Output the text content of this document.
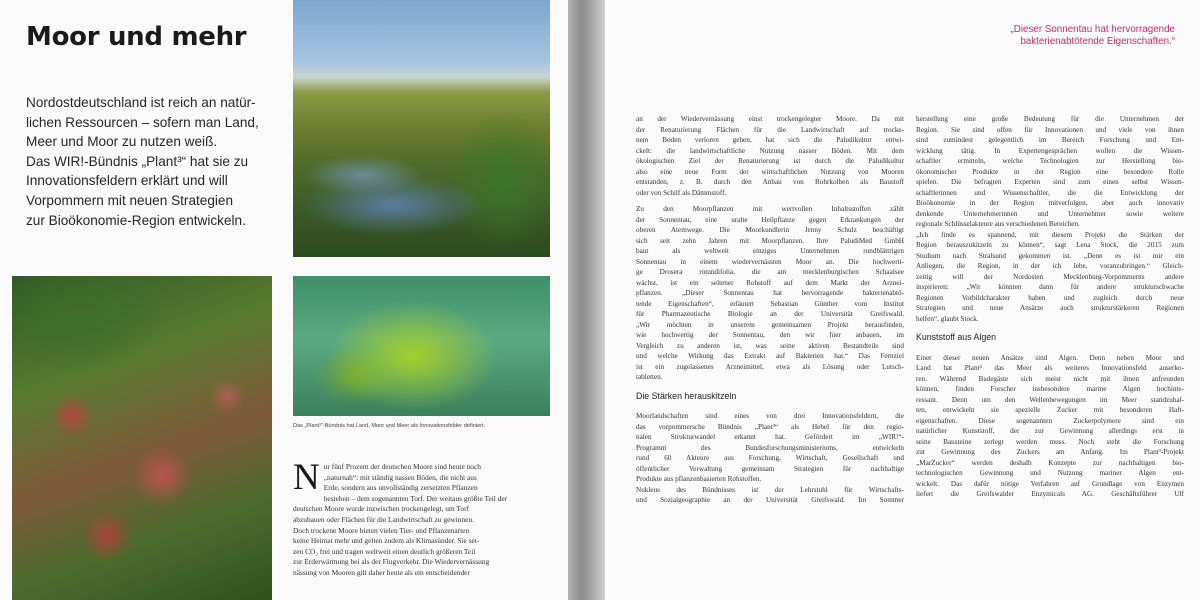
Moor und mehr
Nordostdeutschland ist reich an natür-
lichen Ressourcen – sofern man Land,
Meer und Moor zu nutzen weiß.
Das WIR!-Bündnis „Plant³“ hat sie zu
Innovationsfeldern erklärt und will
Vorpommern mit neuen Strategien
zur Bioökonomie-Region entwickeln.
Das „Plant³“-Bündnis hat Land, Moor und Meer als Innovationsfelder definiert.
N ur fünf Prozent der deutschen Moore sind heute noch
„naturnah“: mit ständig nassen Böden, die nicht aus
Erde, sondern aus unvollständig zersetzten Pflanzen
bestehen – dem sogenannten Torf. Der weitaus größte Teil der
deutschen Moore wurde inzwischen trockengelegt, um Torf
abzubauen oder Flächen für die Landwirtschaft zu gewinnen.
Doch trockene Moore bieten vielen Tier- und Pflanzenarten
keine Heimat mehr und gelten zudem als Klimasünder. Sie set-
zen CO₂ frei und tragen weltweit einen deutlich größeren Teil
zur Erderwärmung bei als der Flugverkehr. Die Wiedervernässung
nässung von Mooren gilt daher heute als ein entscheidender
„Dieser Sonnentau hat hervorragende bakterienabtötende Eigenschaften.“
an der Wiedervernässung einst trockengelegter Moore. Da mit
der Renaturierung Flächen für die Landwirtschaft auf trocke-
nem Boden verloren gehen, hat sich die Paludikultur entwi-
ckelt: die landwirtschaftliche Nutzung nasser Böden. Mit dem
ökologischen Ziel der Renaturierung ist durch die Paludikultur
also eine neue Form der wirtschaftlichen Nutzung von Mooren
entstanden, z. B. durch den Anbau von Rohrkolben als Baustoff
oder von Schilf als Dämmstoff.
Zu den Moorpflanzen mit wertvollen Inhaltsstoffen zählt
der Sonnentau, eine uralte Heilpflanze gegen Erkrankungen der
oberen Atemwege. Die Moorkundlerin Jenny Schulz beschäftigt
sich seit zehn Jahren mit Moorpflanzen. Ihre PaludiMed GmbH
baut als weltweit einziges Unternehmen rundblättrigen
Sonnentau in einem wiedervernässten Moor an. Die hochwerti-
ge Drosera rotundifolia, die am mecklenburgischen Schaalsee
wächst, ist ein seltener Rohstoff auf dem Markt der Arznei-
pflanzen. „Dieser Sonnentau hat hervorragende bakterienabtö-
tende Eigenschaften“, erläutert Sebastian Günther vom Institut
für Pharmazeutische Biologie an der Universität Greifswald.
„Wir möchten in unserem gemeinsamen Projekt herausfinden,
wie hochwertig der Sonnentau, den wir hier anbauen, im
Vergleich zu anderen ist, was seine aktiven Bestandteile sind
und welche Wirkung das Extrakt auf Bakterien hat.“ Das Fernziel
ist ein zugelassenes Arzneimittel, etwa als Lösung oder Lutsch-
tabletten.
Die Stärken herauskitzeln
Moorlandschaften sind eines von drei Innovationsfeldern, die
das vorpommersche Bündnis „Plant³“ als Hebel für den regio-
nalen Strukturwandel erkannt hat. Gefördert im „WIR!“-
Programm des Bundesforschungsministeriums, entwickeln
rund 60 Akteure aus Forschung, Wirtschaft, Gesellschaft und
öffentlicher Verwaltung gemeinsam Strategien für nachhaltige
Produkte aus pflanzenbasierten Rohstoffen.
Nukleus des Bündnisses ist der Lehrstuhl für Wirtschafts-
und Sozialgeographie an der Universität Greifswald. Im Sommer
herstellung eine große Bedeutung für die Unternehmen der
Region. Sie sind offen für Innovationen und viele von ihnen
sind zumindest gelegentlich im Bereich Forschung und Ent-
wicklung tätig. In Expertengesprächen wollen die Wissen-
schaftler ermitteln, welche Technologien zur Herstellung bio-
ökonomischer Produkte in der Region eine besondere Rolle
spielen. Die befragten Experten sind zum einen selbst Wissen-
schaftlerinnen und Wissenschaftler, die die Entwicklung der
Bioökonomie in der Region mitverfolgen, aber auch innovativ
denkende Unternehmerinnen und Unternehmer sowie weitere
regionale Schlüsselakteure aus verschiedenen Bereichen.
„Ich finde es spannend, mit diesem Projekt die Stärken der
Region herauszukitzeln zu können“, sagt Lena Stock, die 2015 zum
Studium nach Stralsund gekommen ist. „Denn es ist mir ein
Anliegen, die Region, in der ich lebe, voranzubringen.“ Gleich-
zeitig will der Nordosten Mecklenburg-Vorpommerns andere
inspirieren: „Wir könnten dann für andere strukturschwache
Regionen Vorbildcharakter haben und zugleich durch neue
Strategien und neue Ansätze auch strukturstärkeren Regionen
helfen“, glaubt Stock.
Kunststoff aus Algen
Einer dieser neuen Ansätze sind Algen. Denn neben Moor und
Land hat Plant³ das Meer als weiteres Innovationsfeld auserko-
ren. Während Badegäste sich meist nicht mit ihnen anfreunden
können, finden Forscher insbesondere marine Algen hochinte-
ressant. Denn um den Wellenbewegungen im Meer standzuhal-
ten, entwickeln sie spezielle Zucker mit besonderen Haft-
eigenschaften. Diese sogenannten Zuckerpolymere sind ein
natürlicher Kunststoff, der zur Gewinnung allerdings erst in
seine Bausteine zerlegt werden muss. Noch steht die Forschung
zur Gewinnung des Zuckers am Anfang. Im Plant³-Projekt
„MarZucker“ werden deshalb Konzepte zur nachhaltigen bio-
technologischen Gewinnung und Nutzung mariner Algen ent-
wickelt. Das dafür nötige Verfahren auf Grundlage von Enzymen
liefert die Greifswalder Enzymicals AG. Geschäftsführer Ulf
